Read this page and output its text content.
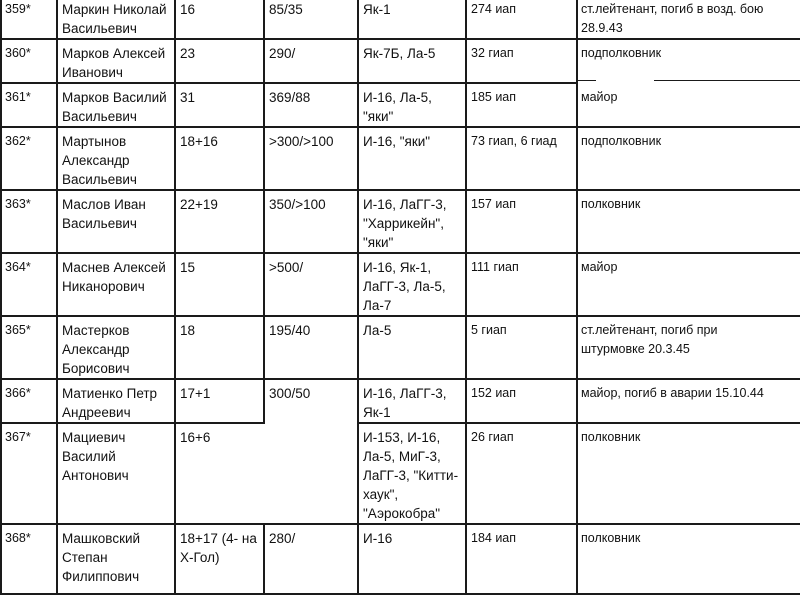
359*	Маркин Николай
Васильевич	16	85/35	Як-1	274 иап	ст.лейтенант, погиб в возд. бою
28.9.43
360*	Марков Алексей
Иванович	23	290/	Як-7Б, Ла-5	32 гиап	подполковник
361*	Марков Василий
Васильевич	31	369/88	И-16, Ла-5,
"яки"	185 иап	майор
362*	Мартынов
Александр
Васильевич	18+16	>300/>100	И-16, "яки"	73 гиап, 6 гиад	подполковник
363*	Маслов Иван
Васильевич	22+19	350/>100	И-16, ЛаГГ-3,
"Харрикейн",
"яки"	157 иап	полковник
364*	Маснев Алексей
Никанорович	15	>500/	И-16, Як-1,
ЛаГГ-3, Ла-5,
Ла-7	111 гиап	майор
365*	Мастерков
Александр
Борисович	18	195/40	Ла-5	5 гиап	ст.лейтенант, погиб при
штурмовке 20.3.45
366*	Матиенко Петр
Андреевич	17+1	300/50	И-16, ЛаГГ-3,
Як-1	152 иап	майор, погиб в аварии 15.10.44
367*	Мациевич
Василий
Антонович	16+6		И-153, И-16,
Ла-5, МиГ-3,
ЛаГГ-3, "Китти-
хаук",
"Аэрокобра"	26 гиап	полковник
368*	Машковский
Степан
Филиппович	18+17 (4- на
Х-Гол)	280/	И-16	184 иап	полковник
